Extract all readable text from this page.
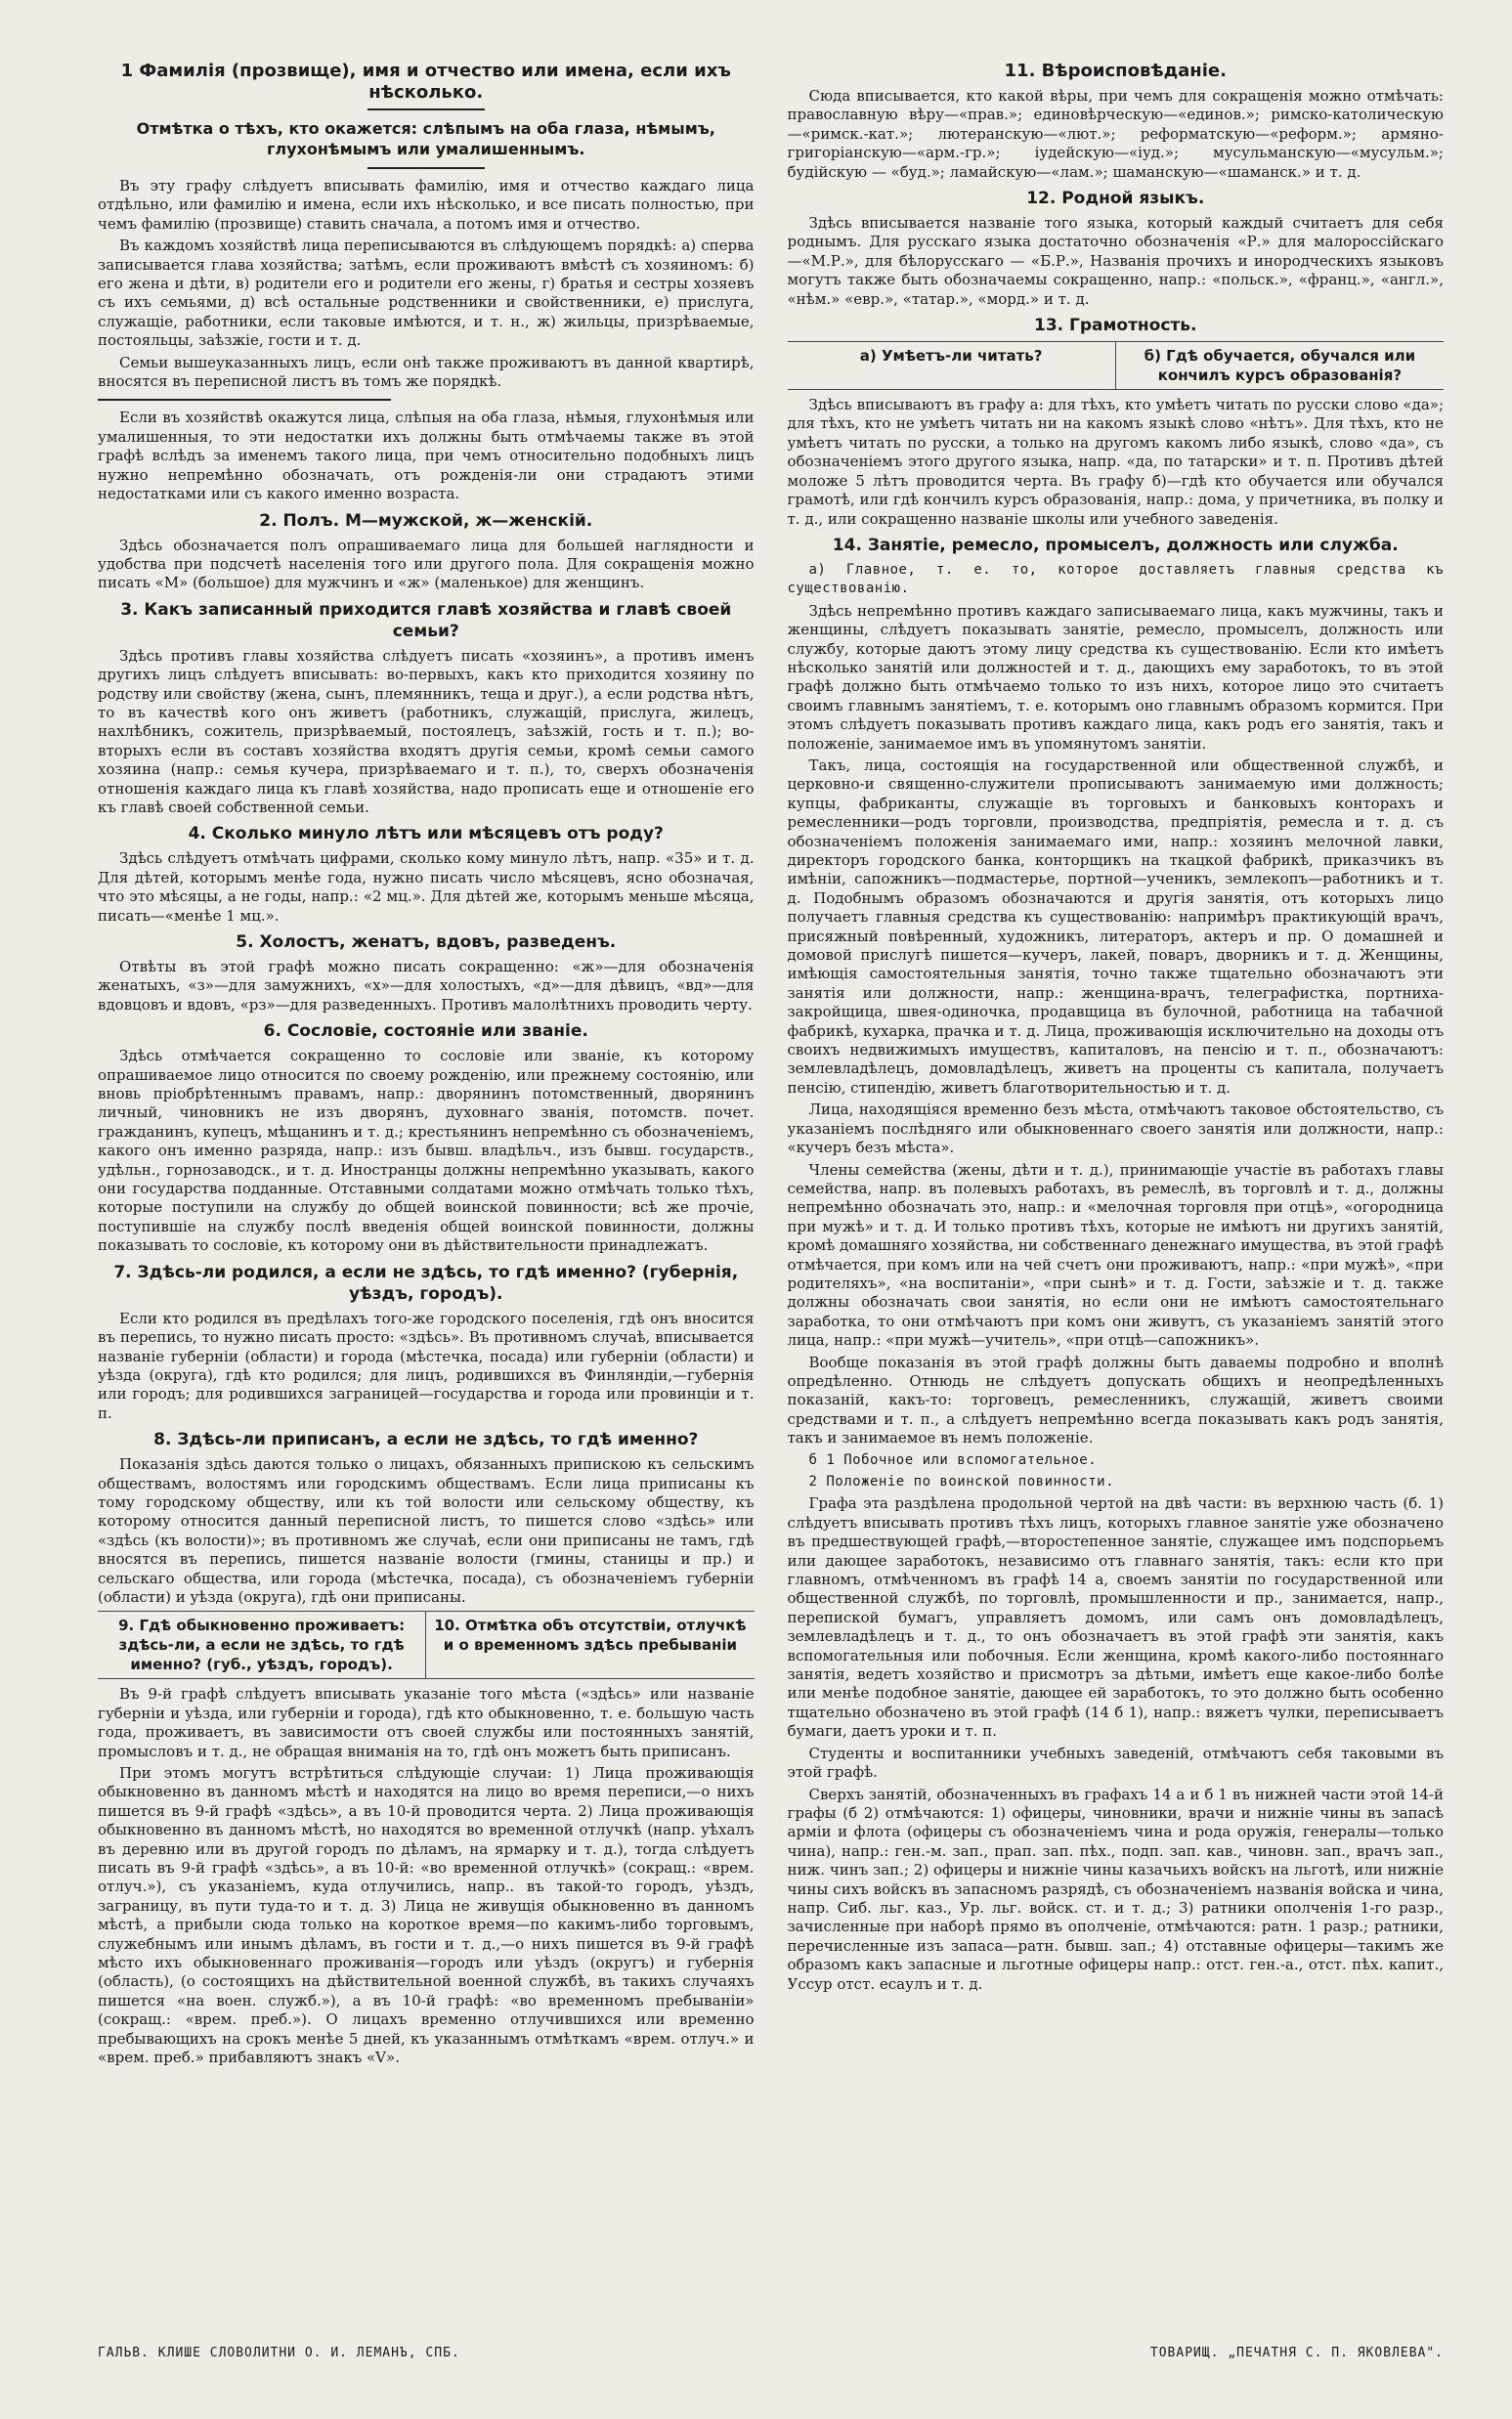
1 Фамилія (прозвище), имя и отчество или имена, если ихъ нѣсколько.
Отмѣтка о тѣхъ, кто окажется: слѣпымъ на оба глаза, нѣмымъ, глухонѣмымъ или умалишеннымъ.

Въ эту графу слѣдуетъ вписывать фамилію, имя и отчество каждаго лица отдѣльно, или фамилію и имена, если ихъ нѣсколько, и все писать полностью, при чемъ фамилію (прозвище) ставить сначала, а потомъ имя и отчество.

Въ каждомъ хозяйствѣ лица переписываются въ слѣдующемъ порядкѣ: а) сперва записывается глава хозяйства; затѣмъ, если проживаютъ вмѣстѣ съ хозяиномъ: б) его жена и дѣти, в) родители его и родители его жены, г) братья и сестры хозяевъ съ ихъ семьями, д) всѣ остальные родственники и свойственники, е) прислуга, служащіе, работники, если таковые имѣются, и т. н., ж) жильцы, призрѣваемые, постояльцы, заѣзжіе, гости и т. д.

Семьи вышеуказанныхъ лицъ, если онѣ также проживаютъ въ данной квартирѣ, вносятся въ переписной листъ въ томъ же порядкѣ.

Если въ хозяйствѣ окажутся лица, слѣпыя на оба глаза, нѣмыя, глухонѣмыя или умалишенныя, то эти недостатки ихъ должны быть отмѣчаемы также въ этой графѣ вслѣдъ за именемъ такого лица, при чемъ относительно подобныхъ лицъ нужно непремѣнно обозначать, отъ рожденія-ли они страдаютъ этими недостатками или съ какого именно возраста.

2. Полъ. М—мужской, ж—женскій.

Здѣсь обозначается полъ опрашиваемаго лица для большей наглядности и удобства при подсчетѣ населенія того или другого пола. Для сокращенія можно писать «М» (большое) для мужчинъ и «ж» (маленькое) для женщинъ.

3. Какъ записанный приходится главѣ хозяйства и главѣ своей семьи?

Здѣсь противъ главы хозяйства слѣдуетъ писать «хозяинъ», а противъ именъ другихъ лицъ слѣдуетъ вписывать: во-первыхъ, какъ кто приходится хозяину по родству или свойству (жена, сынъ, племянникъ, теща и друг.), а если родства нѣтъ, то въ качествѣ кого онъ живетъ (работникъ, служащій, прислуга, жилецъ, нахлѣбникъ, сожитель, призрѣваемый, постоялецъ, заѣзжій, гость и т. п.); во-вторыхъ если въ составъ хозяйства входятъ другія семьи, кромѣ семьи самого хозяина (напр.: семья кучера, призрѣваемаго и т. п.), то, сверхъ обозначенія отношенія каждаго лица къ главѣ хозяйства, надо прописать еще и отношеніе его къ главѣ своей собственной семьи.

4. Сколько минуло лѣтъ или мѣсяцевъ отъ роду?

Здѣсь слѣдуетъ отмѣчать цифрами, сколько кому минуло лѣтъ, напр. «35» и т. д. Для дѣтей, которымъ менѣе года, нужно писать число мѣсяцевъ, ясно обозначая, что это мѣсяцы, а не годы, напр.: «2 мц.». Для дѣтей же, которымъ меньше мѣсяца, писать—«менѣе 1 мц.».

5. Холостъ, женатъ, вдовъ, разведенъ.

Отвѣты въ этой графѣ можно писать сокращенно: «ж»—для обозначенія женатыхъ, «з»—для замужнихъ, «х»—для холостыхъ, «д»—для дѣвицъ, «вд»—для вдовцовъ и вдовъ, «рз»—для разведенныхъ. Противъ малолѣтнихъ проводить черту.

6. Сословіе, состояніе или званіе.

Здѣсь отмѣчается сокращенно то сословіе или званіе, къ которому опрашиваемое лицо относится по своему рожденію, или прежнему состоянію, или вновь пріобрѣтеннымъ правамъ, напр.: дворянинъ потомственный, дворянинъ личный, чиновникъ не изъ дворянъ, духовнаго званія, потомств. почет. гражданинъ, купецъ, мѣщанинъ и т. д.; крестьянинъ непремѣнно съ обозначеніемъ, какого онъ именно разряда, напр.: изъ бывш. владѣльч., изъ бывш. государств., удѣльн., горнозаводск., и т. д. Иностранцы должны непремѣнно указывать, какого они государства подданные. Отставными солдатами можно отмѣчать только тѣхъ, которые поступили на службу до общей воинской повинности; всѣ же прочіе, поступившіе на службу послѣ введенія общей воинской повинности, должны показывать то сословіе, къ которому они въ дѣйствительности принадлежатъ.

7. Здѣсь-ли родился, а если не здѣсь, то гдѣ именно? (губернія, уѣздъ, городъ).

Если кто родился въ предѣлахъ того-же городского поселенія, гдѣ онъ вносится въ перепись, то нужно писать просто: «здѣсь». Въ противномъ случаѣ, вписывается названіе губерніи (области) и города (мѣстечка, посада) или губерніи (области) и уѣзда (округа), гдѣ кто родился; для лицъ, родившихся въ Финляндіи,—губернія или городъ; для родившихся заграницей—государства и города или провинціи и т. п.

8. Здѣсь-ли приписанъ, а если не здѣсь, то гдѣ именно?

Показанія здѣсь даются только о лицахъ, обязанныхъ припискою къ сельскимъ обществамъ, волостямъ или городскимъ обществамъ. Если лица приписаны къ тому городскому обществу, или къ той волости или сельскому обществу, къ которому относится данный переписной листъ, то пишется слово «здѣсь» или «здѣсь (къ волости)»; въ противномъ же случаѣ, если они приписаны не тамъ, гдѣ вносятся въ перепись, пишется названіе волости (гмины, станицы и пр.) и сельскаго общества, или города (мѣстечка, посада), съ обозначеніемъ губерніи (области) и уѣзда (округа), гдѣ они приписаны.

9. Гдѣ обыкновенно проживаетъ: здѣсь-ли, а если не здѣсь, то гдѣ именно? (губ., уѣздъ, городъ).
10. Отмѣтка объ отсутствіи, отлучкѣ и о временномъ здѣсь пребываніи

Въ 9-й графѣ слѣдуетъ вписывать указаніе того мѣста («здѣсь» или названіе губерніи и уѣзда, или губерніи и города), гдѣ кто обыкновенно, т. е. большую часть года, проживаетъ, въ зависимости отъ своей службы или постоянныхъ занятій, промысловъ и т. д., не обращая вниманія на то, гдѣ онъ можетъ быть приписанъ.

При этомъ могутъ встрѣтиться слѣдующіе случаи: 1) Лица проживающія обыкновенно въ данномъ мѣстѣ и находятся на лицо во время переписи,—о нихъ пишется въ 9-й графѣ «здѣсь», а въ 10-й проводится черта. 2) Лица проживающія обыкновенно въ данномъ мѣстѣ, но находятся во временной отлучкѣ (напр. уѣхалъ въ деревню или въ другой городъ по дѣламъ, на ярмарку и т. д.), тогда слѣдуетъ писать въ 9-й графѣ «здѣсь», а въ 10-й: «во временной отлучкѣ» (сокращ.: «врем. отлуч.»), съ указаніемъ, куда отлучились, напр.. въ такой-то городъ, уѣздъ, заграницу, въ пути туда-то и т. д. 3) Лица не живущія обыкновенно въ данномъ мѣстѣ, а прибыли сюда только на короткое время—по какимъ-либо торговымъ, служебнымъ или инымъ дѣламъ, въ гости и т. д.,—о нихъ пишется въ 9-й графѣ мѣсто ихъ обыкновеннаго проживанія—городъ или уѣздъ (округъ) и губернія (область), (о состоящихъ на дѣйствительной военной службѣ, въ такихъ случаяхъ пишется «на воен. служб.»), а въ 10-й графѣ: «во временномъ пребываніи» (сокращ.: «врем. преб.»). О лицахъ временно отлучившихся или временно пребывающихъ на срокъ менѣе 5 дней, къ указаннымъ отмѣткамъ «врем. отлуч.» и «врем. преб.» прибавляютъ знакъ «V».

11. Вѣроисповѣданіе.

Сюда вписывается, кто какой вѣры, при чемъ для сокращенія можно отмѣчать: православную вѣру—«прав.»; единовѣрческую—«единов.»; римско-католическую—«римск.-кат.»; лютеранскую—«лют.»; реформатскую—«реформ.»; армяно-григоріанскую—«арм.-гр.»; іудейскую—«іуд.»; мусульманскую—«мусульм.»; будійскую — «буд.»; ламайскую—«лам.»; шаманскую—«шаманск.» и т. д.

12. Родной языкъ.

Здѣсь вписывается названіе того языка, который каждый считаетъ для себя роднымъ. Для русскаго языка достаточно обозначенія «Р.» для малороссійскаго—«М.Р.», для бѣлорусскаго — «Б.Р.», Названія прочихъ и инородческихъ языковъ могутъ также быть обозначаемы сокращенно, напр.: «польск.», «франц.», «англ.», «нѣм.» «евр.», «татар.», «морд.» и т. д.

13. Грамотность.
а) Умѣетъ-ли читать?	б) Гдѣ обучается, обучался или кончилъ курсъ образованія?

Здѣсь вписываютъ въ графу а: для тѣхъ, кто умѣетъ читать по русски слово «да»; для тѣхъ, кто не умѣетъ читать ни на какомъ языкѣ слово «нѣтъ». Для тѣхъ, кто не умѣетъ читать по русски, а только на другомъ какомъ либо языкѣ, слово «да», съ обозначеніемъ этого другого языка, напр. «да, по татарски» и т. п. Противъ дѣтей моложе 5 лѣтъ проводится черта. Въ графу б)—гдѣ кто обучается или обучался грамотѣ, или гдѣ кончилъ курсъ образованія, напр.: дома, у причетника, въ полку и т. д., или сокращенно названіе школы или учебного заведенія.

14. Занятіе, ремесло, промыселъ, должность или служба.

а) Главное, т. е. то, которое доставляетъ главныя средства къ существованію.

Здѣсь непремѣнно противъ каждаго записываемаго лица, какъ мужчины, такъ и женщины, слѣдуетъ показывать занятіе, ремесло, промыселъ, должность или службу, которые даютъ этому лицу средства къ существованію. Если кто имѣетъ нѣсколько занятій или должностей и т. д., дающихъ ему заработокъ, то въ этой графѣ должно быть отмѣчаемо только то изъ нихъ, которое лицо это считаетъ своимъ главнымъ занятіемъ, т. е. которымъ оно главнымъ образомъ кормится. При этомъ слѣдуетъ показывать противъ каждаго лица, какъ родъ его занятія, такъ и положеніе, занимаемое имъ въ упомянутомъ занятіи.

Такъ, лица, состоящія на государственной или общественной службѣ, и церковно-и священно-служители прописываютъ занимаемую ими должность; купцы, фабриканты, служащіе въ торговыхъ и банковыхъ конторахъ и ремесленники—родъ торговли, производства, предпріятія, ремесла и т. д. съ обозначеніемъ положенія занимаемаго ими, напр.: хозяинъ мелочной лавки, директоръ городского банка, конторщикъ на ткацкой фабрикѣ, приказчикъ въ имѣніи, сапожникъ—подмастерье, портной—ученикъ, землекопъ—работникъ и т. д. Подобнымъ образомъ обозначаются и другія занятія, отъ которыхъ лицо получаетъ главныя средства къ существованію: напримѣръ практикующій врачъ, присяжный повѣренный, художникъ, литераторъ, актеръ и пр. О домашней и домовой прислугѣ пишется—кучеръ, лакей, поваръ, дворникъ и т. д. Женщины, имѣющія самостоятельныя занятія, точно также тщательно обозначаютъ эти занятія или должности, напр.: женщина-врачъ, телеграфистка, портниха-закройщица, швея-одиночка, продавщица въ булочной, работница на табачной фабрикѣ, кухарка, прачка и т. д. Лица, проживающія исключительно на доходы отъ своихъ недвижимыхъ имуществъ, капиталовъ, на пенсію и т. п., обозначаютъ: землевладѣлецъ, домовладѣлецъ, живетъ на проценты съ капитала, получаетъ пенсію, стипендію, живетъ благотворительностью и т. д.

Лица, находящіяся временно безъ мѣста, отмѣчаютъ таковое обстоятельство, съ указаніемъ послѣдняго или обыкновеннаго своего занятія или должности, напр.: «кучеръ безъ мѣста».

Члены семейства (жены, дѣти и т. д.), принимающіе участіе въ работахъ главы семейства, напр. въ полевыхъ работахъ, въ ремеслѣ, въ торговлѣ и т. д., должны непремѣнно обозначать это, напр.: и «мелочная торговля при отцѣ», «огородница при мужѣ» и т. д. И только противъ тѣхъ, которые не имѣютъ ни другихъ занятій, кромѣ домашняго хозяйства, ни собственнаго денежнаго имущества, въ этой графѣ отмѣчается, при комъ или на чей счетъ они проживаютъ, напр.: «при мужѣ», «при родителяхъ», «на воспитаніи», «при сынѣ» и т. д. Гости, заѣзжіе и т. д. также должны обозначать свои занятія, но если они не имѣютъ самостоятельнаго заработка, то они отмѣчаютъ при комъ они живутъ, съ указаніемъ занятій этого лица, напр.: «при мужѣ—учитель», «при отцѣ—сапожникъ».

Вообще показанія въ этой графѣ должны быть даваемы подробно и вполнѣ опредѣленно. Отнюдь не слѣдуетъ допускать общихъ и неопредѣленныхъ показаній, какъ-то: торговецъ, ремесленникъ, служащій, живетъ своими средствами и т. п., а слѣдуетъ непремѣнно всегда показывать какъ родъ занятія, такъ и занимаемое въ немъ положеніе.

б 1 Побочное или вспомогательное.

2 Положеніе по воинской повинности.

Графа эта раздѣлена продольной чертой на двѣ части: въ верхнюю часть (б. 1) слѣдуетъ вписывать противъ тѣхъ лицъ, которыхъ главное занятіе уже обозначено въ предшествующей графѣ,—второстепенное занятіе, служащее имъ подспорьемъ или дающее заработокъ, независимо отъ главнаго занятія, такъ: если кто при главномъ, отмѣченномъ въ графѣ 14 а, своемъ занятіи по государственной или общественной службѣ, по торговлѣ, промышленности и пр., занимается, напр., перепиской бумагъ, управляетъ домомъ, или самъ онъ домовладѣлецъ, землевладѣлецъ и т. д., то онъ обозначаетъ въ этой графѣ эти занятія, какъ вспомогательныя или побочныя. Если женщина, кромѣ какого-либо постояннаго занятія, ведетъ хозяйство и присмотръ за дѣтьми, имѣетъ еще какое-либо болѣе или менѣе подобное занятіе, дающее ей заработокъ, то это должно быть особенно тщательно обозначено въ этой графѣ (14 б 1), напр.: вяжетъ чулки, переписываетъ бумаги, даетъ уроки и т. п.

Студенты и воспитанники учебныхъ заведеній, отмѣчаютъ себя таковыми въ этой графѣ.

Сверхъ занятій, обозначенныхъ въ графахъ 14 а и б 1 въ нижней части этой 14-й графы (б 2) отмѣчаются: 1) офицеры, чиновники, врачи и нижніе чины въ запасѣ арміи и флота (офицеры съ обозначеніемъ чина и рода оружія, генералы—только чина), напр.: ген.-м. зап., прап. зап. пѣх., подп. зап. кав., чиновн. зап., врачъ зап., ниж. чинъ зап.; 2) офицеры и нижніе чины казачьихъ войскъ на льготѣ, или нижніе чины сихъ войскъ въ запасномъ разрядѣ, съ обозначеніемъ названія войска и чина, напр. Сиб. льг. каз., Ур. льг. войск. ст. и т. д.; 3) ратники ополченія 1-го разр., зачисленные при наборѣ прямо въ ополченіе, отмѣчаются: ратн. 1 разр.; ратники, перечисленные изъ запаса—ратн. бывш. зап.; 4) отставные офицеры—такимъ же образомъ какъ запасные и льготные офицеры напр.: отст. ген.-а., отст. пѣх. капит., Уссур отст. есаулъ и т. д.

ГАЛЬВ. КЛИШЕ СЛОВОЛИТНИ О. И. ЛЕМАНЪ, СПБ.	ТОВАРИЩ. „ПЕЧАТНЯ С. П. ЯКОВЛЕВА".
